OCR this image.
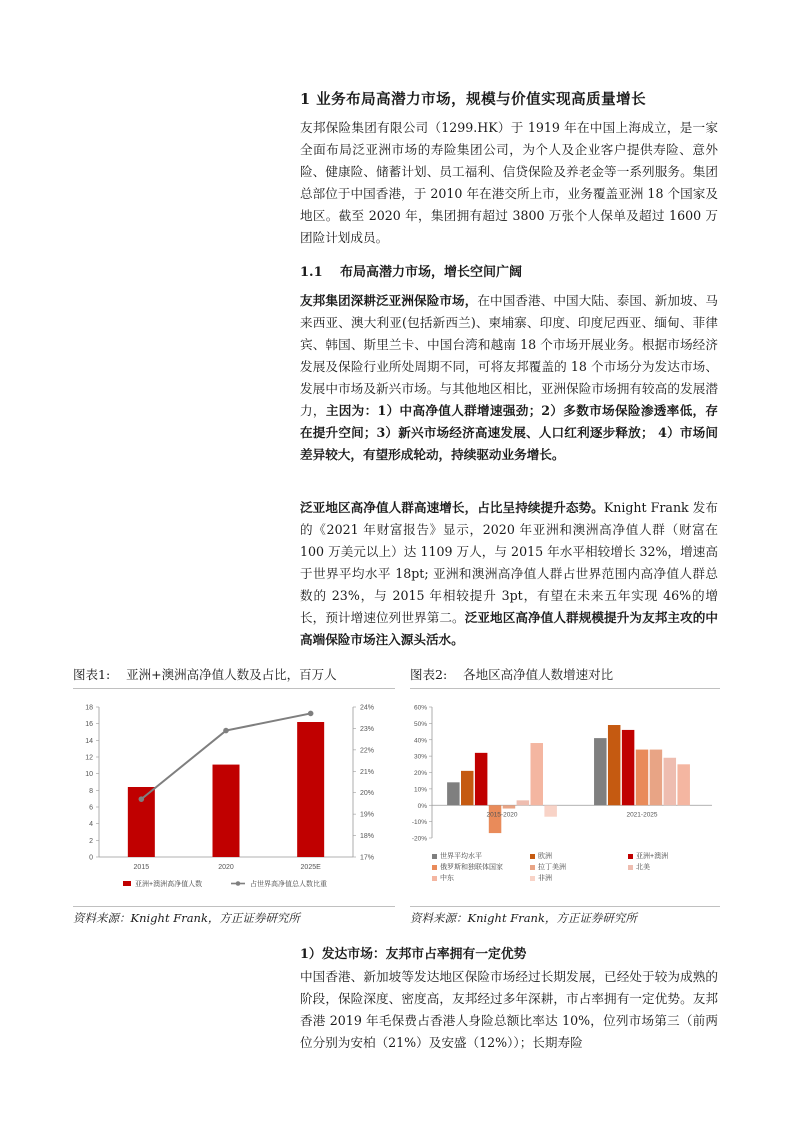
1 业务布局高潜力市场，规模与价值实现高质量增长
友邦保险集团有限公司（1299.HK）于 1919 年在中国上海成立，是一家全面布局泛亚洲市场的寿险集团公司，为个人及企业客户提供寿险、意外险、健康险、储蓄计划、员工福利、信贷保险及养老金等一系列服务。集团总部位于中国香港，于 2010 年在港交所上市，业务覆盖亚洲 18 个国家及地区。截至 2020 年，集团拥有超过 3800 万张个人保单及超过 1600 万团险计划成员。
1.1 布局高潜力市场，增长空间广阔
友邦集团深耕泛亚洲保险市场，在中国香港、中国大陆、泰国、新加坡、马来西亚、澳大利亚(包括新西兰)、柬埔寨、印度、印度尼西亚、缅甸、菲律宾、韩国、斯里兰卡、中国台湾和越南 18 个市场开展业务。根据市场经济发展及保险行业所处周期不同，可将友邦覆盖的 18 个市场分为发达市场、发展中市场及新兴市场。与其他地区相比，亚洲保险市场拥有较高的发展潜力，主因为：1）中高净值人群增速强劲；2）多数市场保险渗透率低，存在提升空间；3）新兴市场经济高速发展、人口红利逐步释放； 4）市场间差异较大，有望形成轮动，持续驱动业务增长。
泛亚地区高净值人群高速增长，占比呈持续提升态势。Knight Frank 发布的《2021 年财富报告》显示，2020 年亚洲和澳洲高净值人群（财富在 100 万美元以上）达 1109 万人，与 2015 年水平相较增长 32%，增速高于世界平均水平 18pt; 亚洲和澳洲高净值人群占世界范围内高净值人群总数的 23%，与 2015 年相较提升 3pt，有望在未来五年实现 46%的增长，预计增速位列世界第二。泛亚地区高净值人群规模提升为友邦主攻的中高端保险市场注入源头活水。
图表1: 亚洲+澳洲高净值人数及占比，百万人	图表2: 各地区高净值人数增速对比
0
2
4
6
8
10
12
14
16
18
17%
18%
19%
20%
21%
22%
23%
24%
2015	2020	2025E
亚洲+澳洲高净值人数	占世界高净值总人数比重
-20%
-10%
0%
10%
20%
30%
40%
50%
60%
2015-2020	2021-2025
世界平均水平	欧洲	亚洲+澳洲
俄罗斯和独联体国家	拉丁美洲	北美
中东	非洲
资料来源：Knight Frank，方正证券研究所	资料来源：Knight Frank，方正证券研究所
1）发达市场：友邦市占率拥有一定优势
中国香港、新加坡等发达地区保险市场经过长期发展，已经处于较为成熟的阶段，保险深度、密度高，友邦经过多年深耕，市占率拥有一定优势。友邦香港 2019 年毛保费占香港人身险总额比率达 10%，位列市场第三（前两位分别为安柏（21%）及安盛（12%））；长期寿险
